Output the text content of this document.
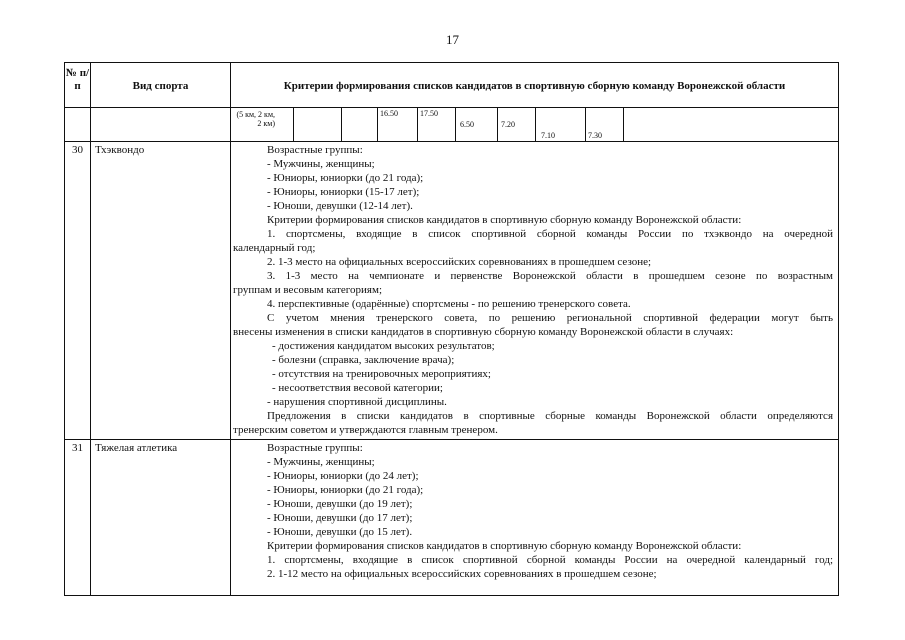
17
№ п/ п	Вид спорта	Критерии формирования списков кандидатов в спортивную сборную команду Воронежской области
(5 км, 2 км, 2 км)
16.50	17.50
6.50	7.20
7.10	7.30
30	Тхэквондо	Возрастные группы:
- Мужчины, женщины;
- Юниоры, юниорки (до 21 года);
- Юниоры, юниорки (15-17 лет);
- Юноши, девушки (12-14 лет).
Критерии формирования списков кандидатов в спортивную сборную команду Воронежской области:
1. спортсмены, входящие в список спортивной сборной команды России по тхэквондо на очередной
календарный год;
2. 1-3 место на официальных всероссийских соревнованиях в прошедшем сезоне;
3. 1-3 место на чемпионате и первенстве Воронежской области в прошедшем сезоне по возрастным
группам и весовым категориям;
4. перспективные (одарённые) спортсмены - по решению тренерского совета.
С учетом мнения тренерского совета, по решению региональной спортивной федерации могут быть
внесены изменения в списки кандидатов в спортивную сборную команду Воронежской области в случаях:
- достижения кандидатом высоких результатов;
- болезни (справка, заключение врача);
- отсутствия на тренировочных мероприятиях;
- несоответствия весовой категории;
- нарушения спортивной дисциплины.
Предложения в списки кандидатов в спортивные сборные команды Воронежской области определяются
тренерским советом и утверждаются главным тренером.
31	Тяжелая атлетика	Возрастные группы:
- Мужчины, женщины;
- Юниоры, юниорки (до 24 лет);
- Юниоры, юниорки (до 21 года);
- Юноши, девушки (до 19 лет);
- Юноши, девушки (до 17 лет);
- Юноши, девушки (до 15 лет).
Критерии формирования списков кандидатов в спортивную сборную команду Воронежской области:
1. спортсмены, входящие в список спортивной сборной команды России на очередной календарный год;
2. 1-12 место на официальных всероссийских соревнованиях в прошедшем сезоне;
